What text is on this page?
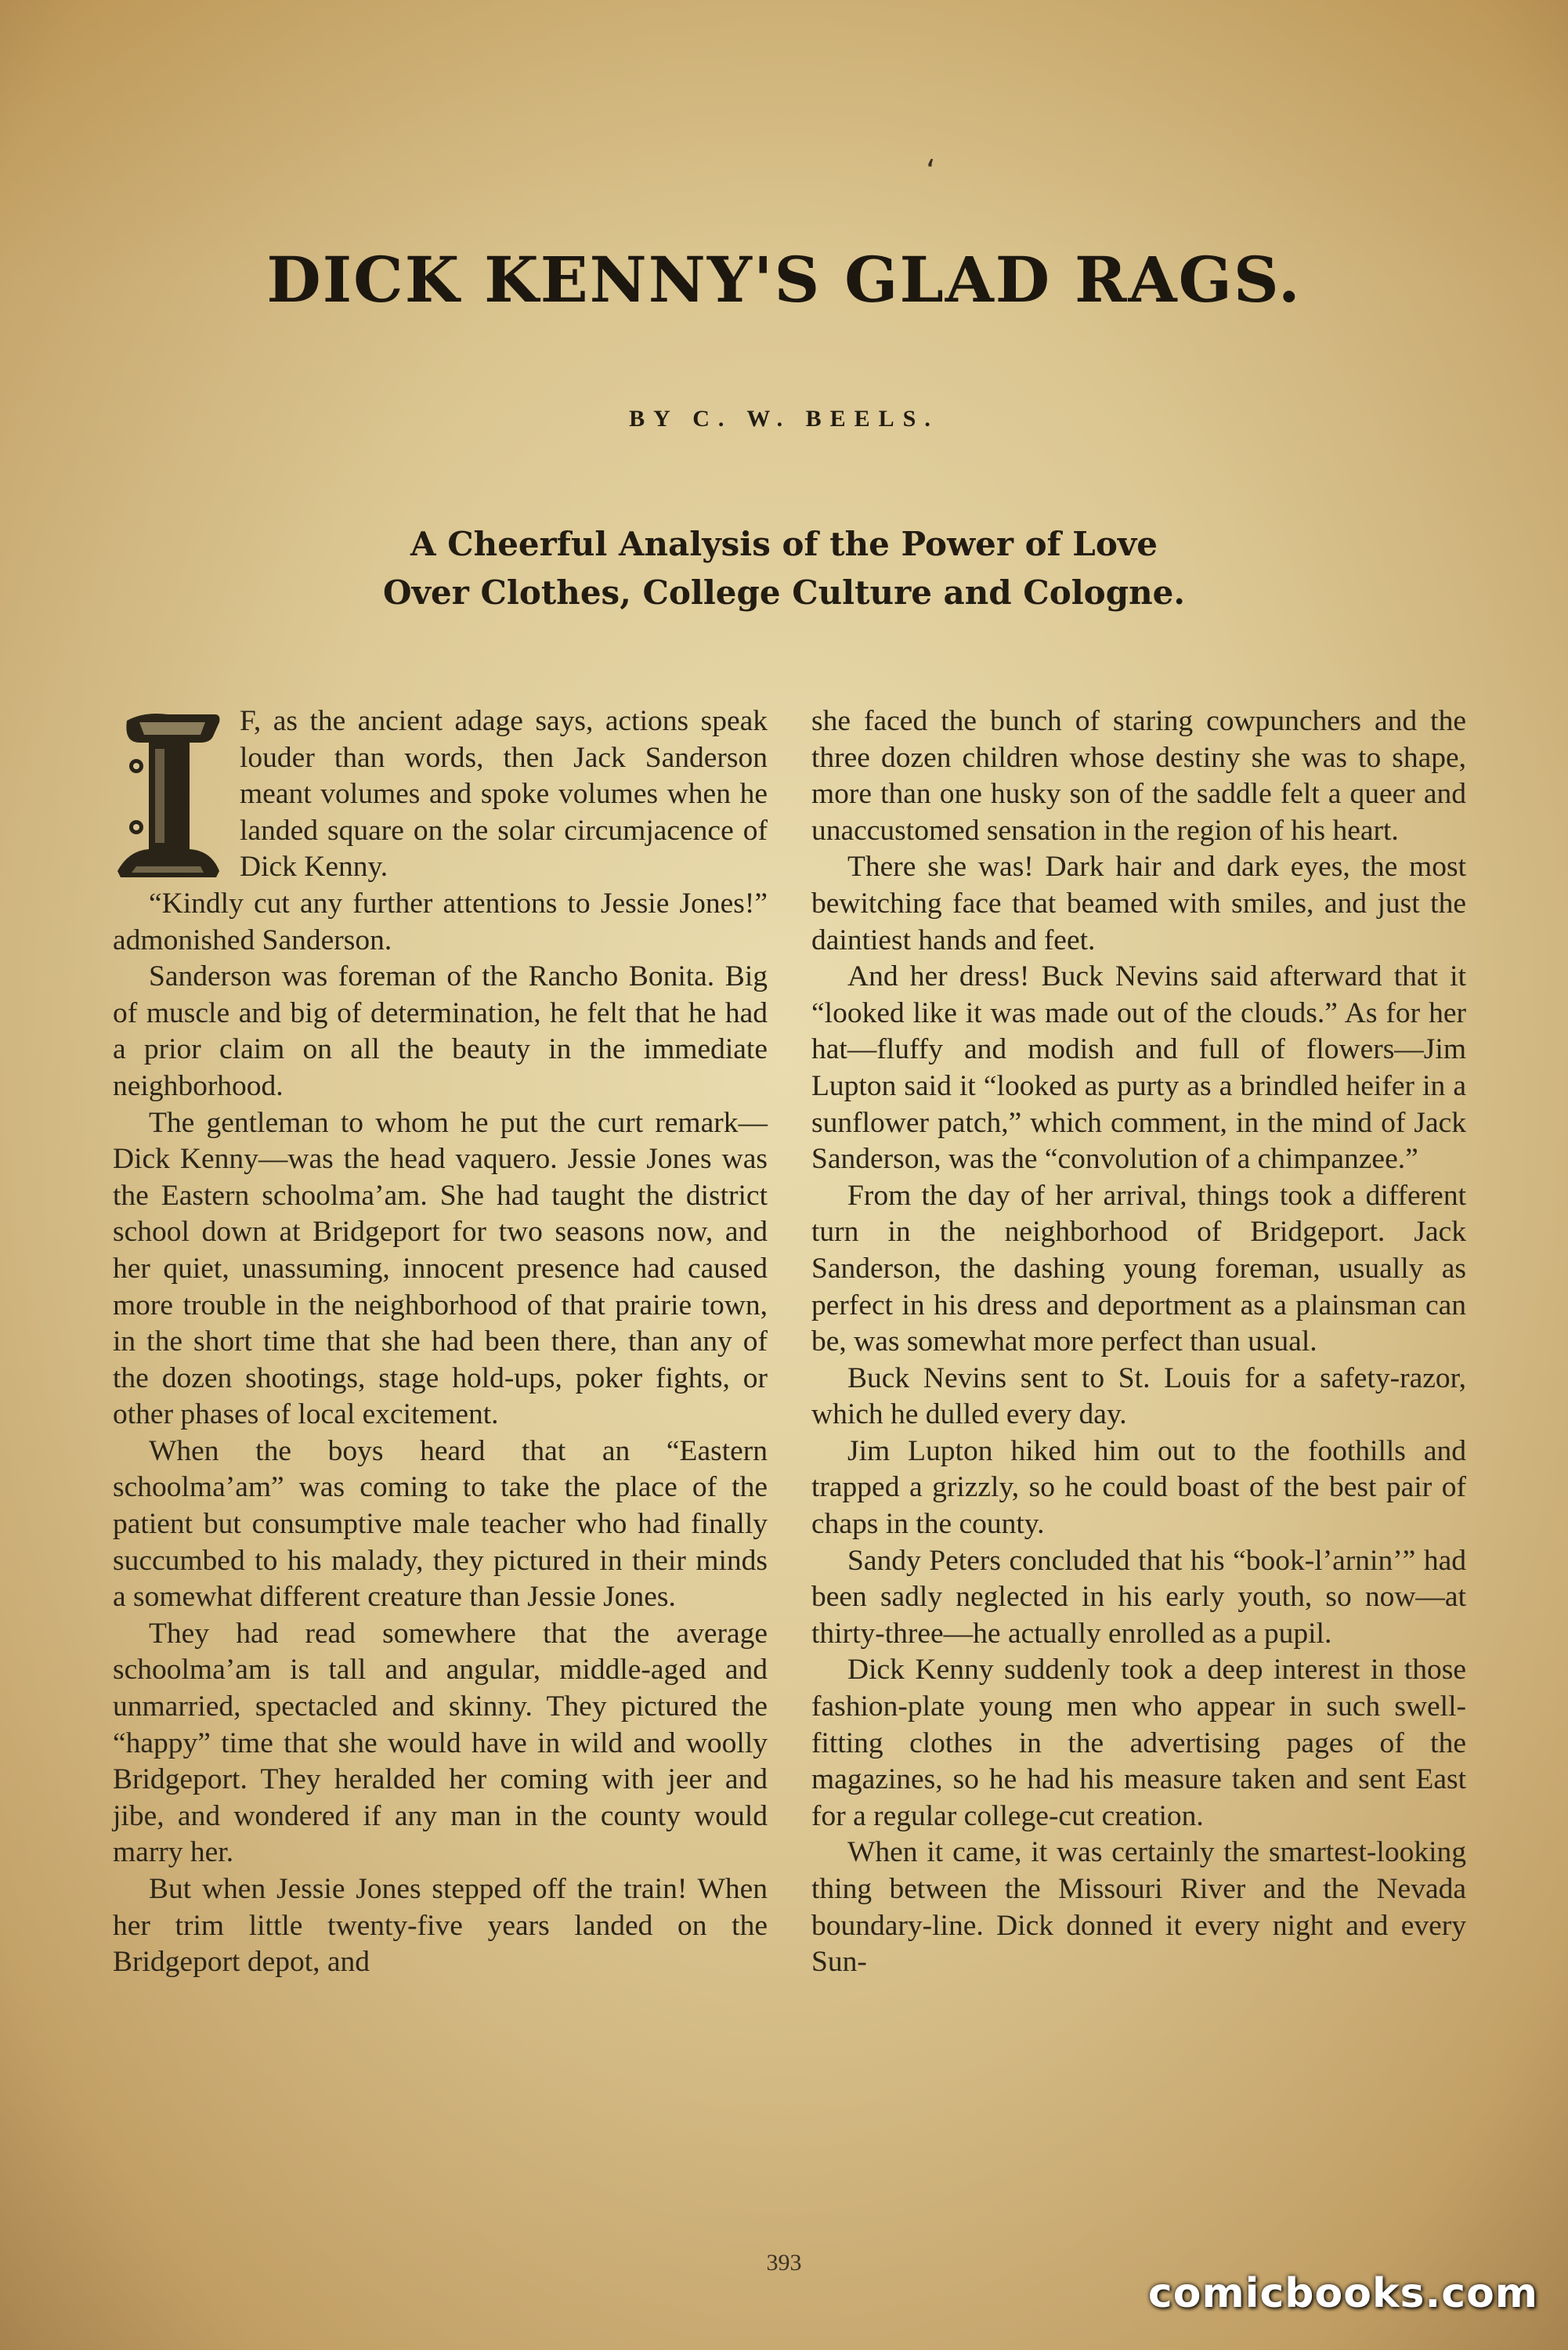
‘
DICK KENNY'S GLAD RAGS.
BY C. W. BEELS.
A Cheerful Analysis of the Power of Love
Over Clothes, College Culture and Cologne.

F, as the ancient adage says, actions speak louder than words, then Jack Sanderson meant volumes and spoke volumes when he landed square on the solar circumjacence of Dick Kenny.

“Kindly cut any further attentions to Jessie Jones!” admonished Sanderson.

Sanderson was foreman of the Rancho Bonita. Big of muscle and big of determination, he felt that he had a prior claim on all the beauty in the immediate neighborhood.

The gentleman to whom he put the curt remark—Dick Kenny—was the head vaquero. Jessie Jones was the Eastern schoolma’am. She had taught the district school down at Bridgeport for two seasons now, and her quiet, unassuming, innocent presence had caused more trouble in the neighborhood of that prairie town, in the short time that she had been there, than any of the dozen shootings, stage hold-ups, poker fights, or other phases of local excitement.

When the boys heard that an “Eastern schoolma’am” was coming to take the place of the patient but consumptive male teacher who had finally succumbed to his malady, they pictured in their minds a somewhat different creature than Jessie Jones.

They had read somewhere that the average schoolma’am is tall and angular, middle-aged and unmarried, spectacled and skinny. They pictured the “happy” time that she would have in wild and woolly Bridgeport. They heralded her coming with jeer and jibe, and wondered if any man in the county would marry her.

But when Jessie Jones stepped off the train! When her trim little twenty-five years landed on the Bridgeport depot, and

she faced the bunch of staring cowpunchers and the three dozen children whose destiny she was to shape, more than one husky son of the saddle felt a queer and unaccustomed sensation in the region of his heart.

There she was! Dark hair and dark eyes, the most bewitching face that beamed with smiles, and just the daintiest hands and feet.

And her dress! Buck Nevins said afterward that it “looked like it was made out of the clouds.” As for her hat—fluffy and modish and full of flowers—Jim Lupton said it “looked as purty as a brindled heifer in a sunflower patch,” which comment, in the mind of Jack Sanderson, was the “convolution of a chimpanzee.”

From the day of her arrival, things took a different turn in the neighborhood of Bridgeport. Jack Sanderson, the dashing young foreman, usually as perfect in his dress and deportment as a plainsman can be, was somewhat more perfect than usual.

Buck Nevins sent to St. Louis for a safety-razor, which he dulled every day.

Jim Lupton hiked him out to the foothills and trapped a grizzly, so he could boast of the best pair of chaps in the county.

Sandy Peters concluded that his “book-l’arnin’” had been sadly neglected in his early youth, so now—at thirty-three—he actually enrolled as a pupil.

Dick Kenny suddenly took a deep interest in those fashion-plate young men who appear in such swell-fitting clothes in the advertising pages of the magazines, so he had his measure taken and sent East for a regular college-cut creation.

When it came, it was certainly the smartest-looking thing between the Missouri River and the Nevada boundary-line. Dick donned it every night and every Sun-

393
comicbooks.com
